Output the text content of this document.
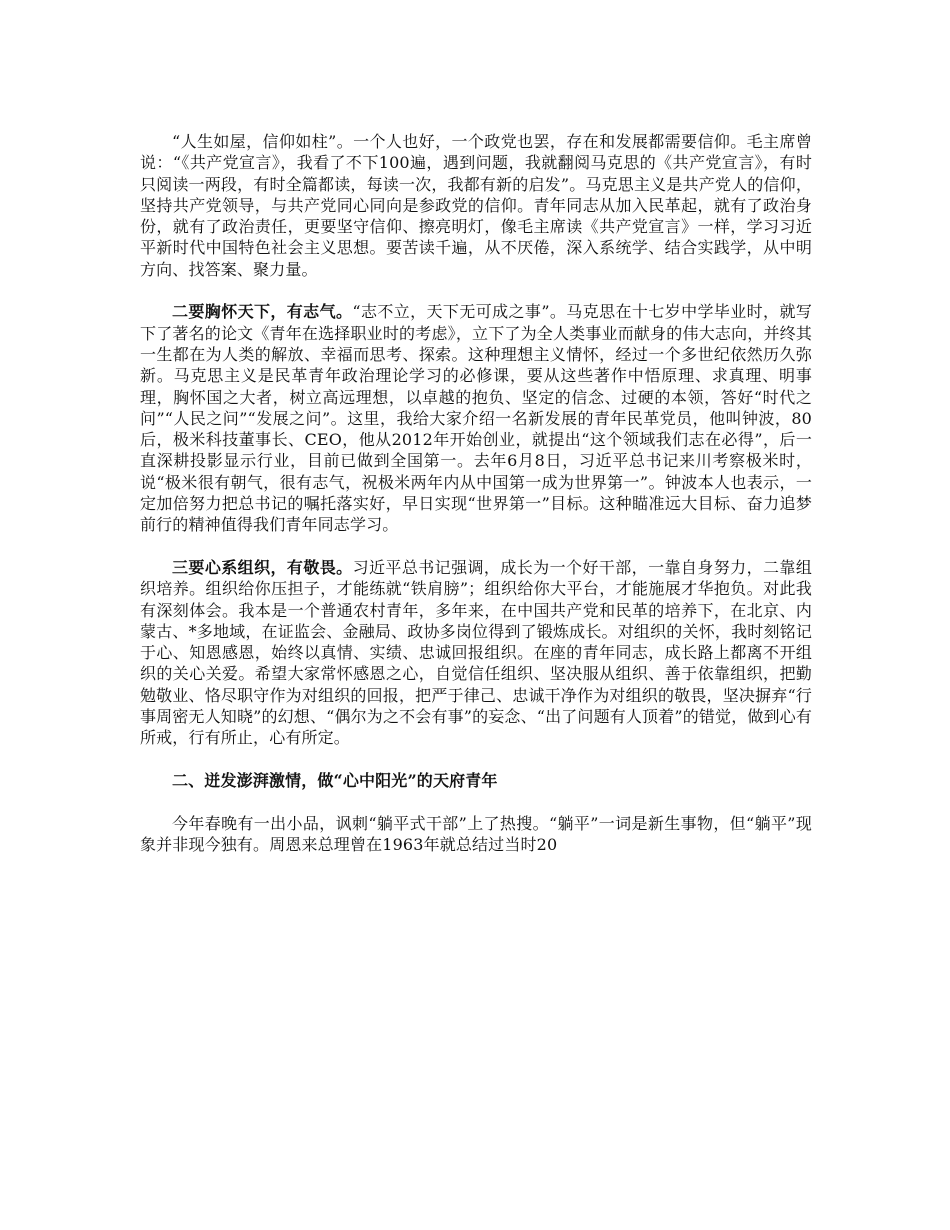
“人生如屋，信仰如柱”。一个人也好，一个政党也罢，存在和发展都需要信仰。毛主席曾说：“《共产党宣言》，我看了不下100遍，遇到问题，我就翻阅马克思的《共产党宣言》，有时只阅读一两段，有时全篇都读，每读一次，我都有新的启发”。马克思主义是共产党人的信仰，坚持共产党领导，与共产党同心同向是参政党的信仰。青年同志从加入民革起，就有了政治身份，就有了政治责任，更要坚守信仰、擦亮明灯，像毛主席读《共产党宣言》一样，学习习近平新时代中国特色社会主义思想。要苦读千遍，从不厌倦，深入系统学、结合实践学，从中明方向、找答案、聚力量。

二要胸怀天下，有志气。“志不立，天下无可成之事”。马克思在十七岁中学毕业时，就写下了著名的论文《青年在选择职业时的考虑》，立下了为全人类事业而献身的伟大志向，并终其一生都在为人类的解放、幸福而思考、探索。这种理想主义情怀，经过一个多世纪依然历久弥新。马克思主义是民革青年政治理论学习的必修课，要从这些著作中悟原理、求真理、明事理，胸怀国之大者，树立高远理想，以卓越的抱负、坚定的信念、过硬的本领，答好“时代之问”“人民之问”“发展之问”。这里，我给大家介绍一名新发展的青年民革党员，他叫钟波，80后，极米科技董事长、CEO，他从2012年开始创业，就提出“这个领域我们志在必得”，后一直深耕投影显示行业，目前已做到全国第一。去年6月8日，习近平总书记来川考察极米时，说“极米很有朝气，很有志气，祝极米两年内从中国第一成为世界第一”。钟波本人也表示，一定加倍努力把总书记的嘱托落实好，早日实现“世界第一”目标。这种瞄准远大目标、奋力追梦前行的精神值得我们青年同志学习。

三要心系组织，有敬畏。习近平总书记强调，成长为一个好干部，一靠自身努力，二靠组织培养。组织给你压担子，才能练就“铁肩膀”；组织给你大平台，才能施展才华抱负。对此我有深刻体会。我本是一个普通农村青年，多年来，在中国共产党和民革的培养下，在北京、内蒙古、*多地域，在证监会、金融局、政协多岗位得到了锻炼成长。对组织的关怀，我时刻铭记于心、知恩感恩，始终以真情、实绩、忠诚回报组织。在座的青年同志，成长路上都离不开组织的关心关爱。希望大家常怀感恩之心，自觉信任组织、坚决服从组织、善于依靠组织，把勤勉敬业、恪尽职守作为对组织的回报，把严于律己、忠诚干净作为对组织的敬畏，坚决摒弃“行事周密无人知晓”的幻想、“偶尔为之不会有事”的妄念、“出了问题有人顶着”的错觉，做到心有所戒，行有所止，心有所定。

二、迸发澎湃激情，做“心中阳光”的天府青年

今年春晚有一出小品，讽刺“躺平式干部”上了热搜。“躺平”一词是新生事物，但“躺平”现象并非现今独有。周恩来总理曾在1963年就总结过当时20
